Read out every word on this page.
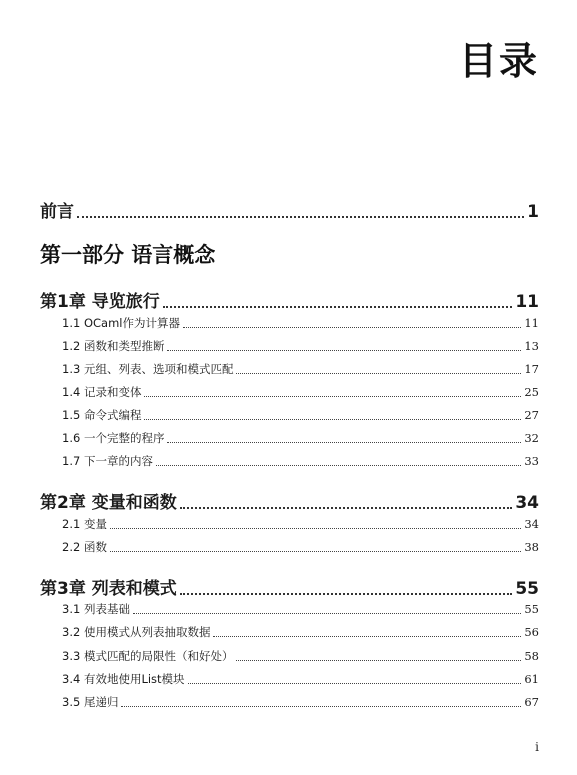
目录
前言	1
第一部分 语言概念
第1章 导览旅行	11
1.1 OCaml作为计算器	11
1.2 函数和类型推断	13
1.3 元组、列表、选项和模式匹配	17
1.4 记录和变体	25
1.5 命令式编程	27
1.6 一个完整的程序	32
1.7 下一章的内容	33
第2章 变量和函数	34
2.1 变量	34
2.2 函数	38
第3章 列表和模式	55
3.1 列表基础	55
3.2 使用模式从列表抽取数据	56
3.3 模式匹配的局限性（和好处）	58
3.4 有效地使用List模块	61
3.5 尾递归	67
i
